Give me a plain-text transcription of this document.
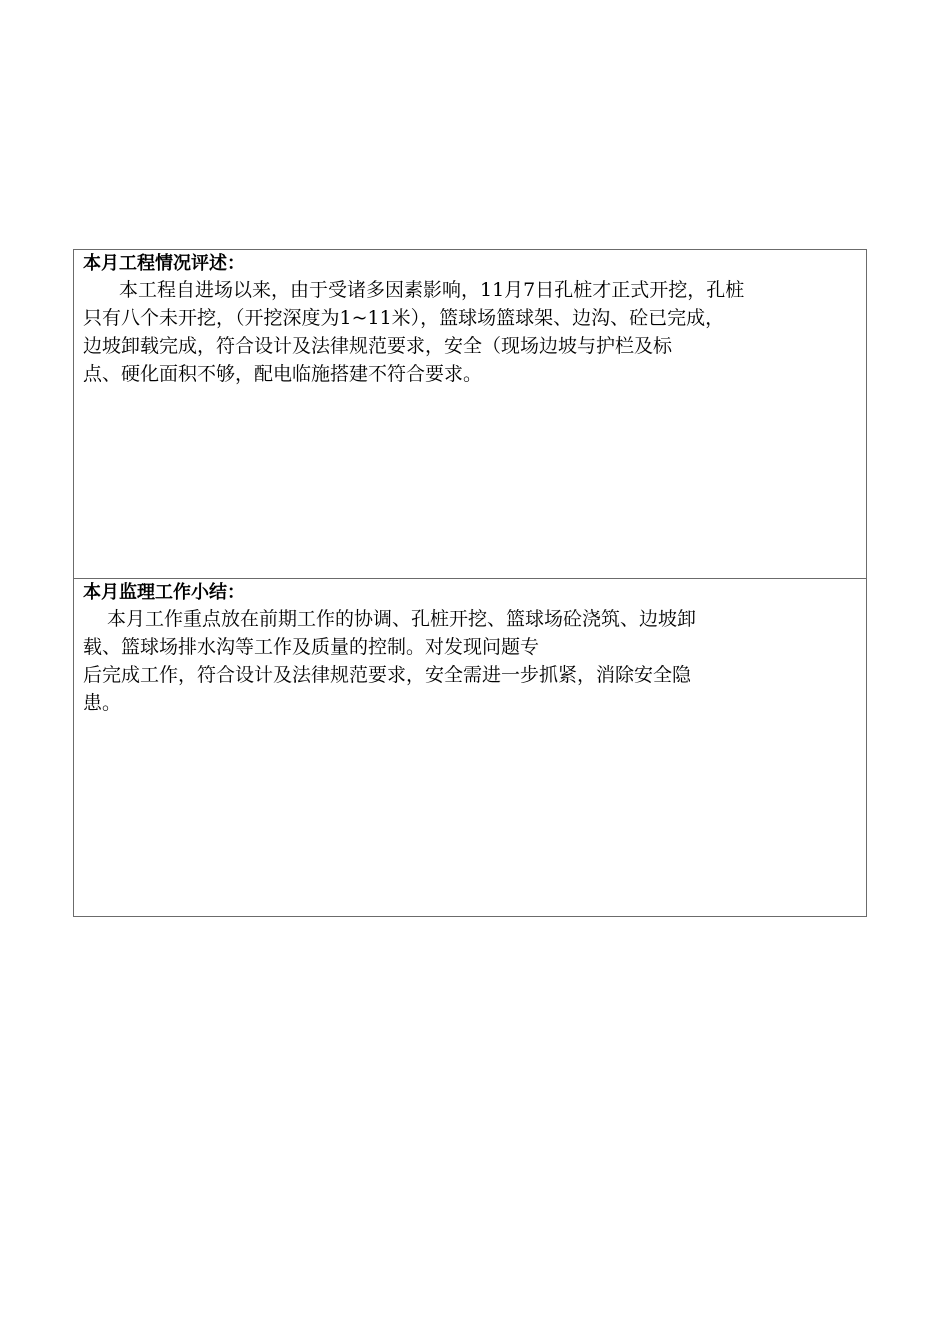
本月工程情况评述：
本工程自进场以来，由于受诸多因素影响，11月7日孔桩才正式开挖，孔桩
只有八个未开挖，（开挖深度为1~11米），篮球场篮球架、边沟、砼已完成，
边坡卸载完成，符合设计及法律规范要求，安全（现场边坡与护栏及标
点、硬化面积不够，配电临施搭建不符合要求。
本月监理工作小结：
本月工作重点放在前期工作的协调、孔桩开挖、篮球场砼浇筑、边坡卸
载、篮球场排水沟等工作及质量的控制。对发现问题专
后完成工作，符合设计及法律规范要求，安全需进一步抓紧，消除安全隐
患。
